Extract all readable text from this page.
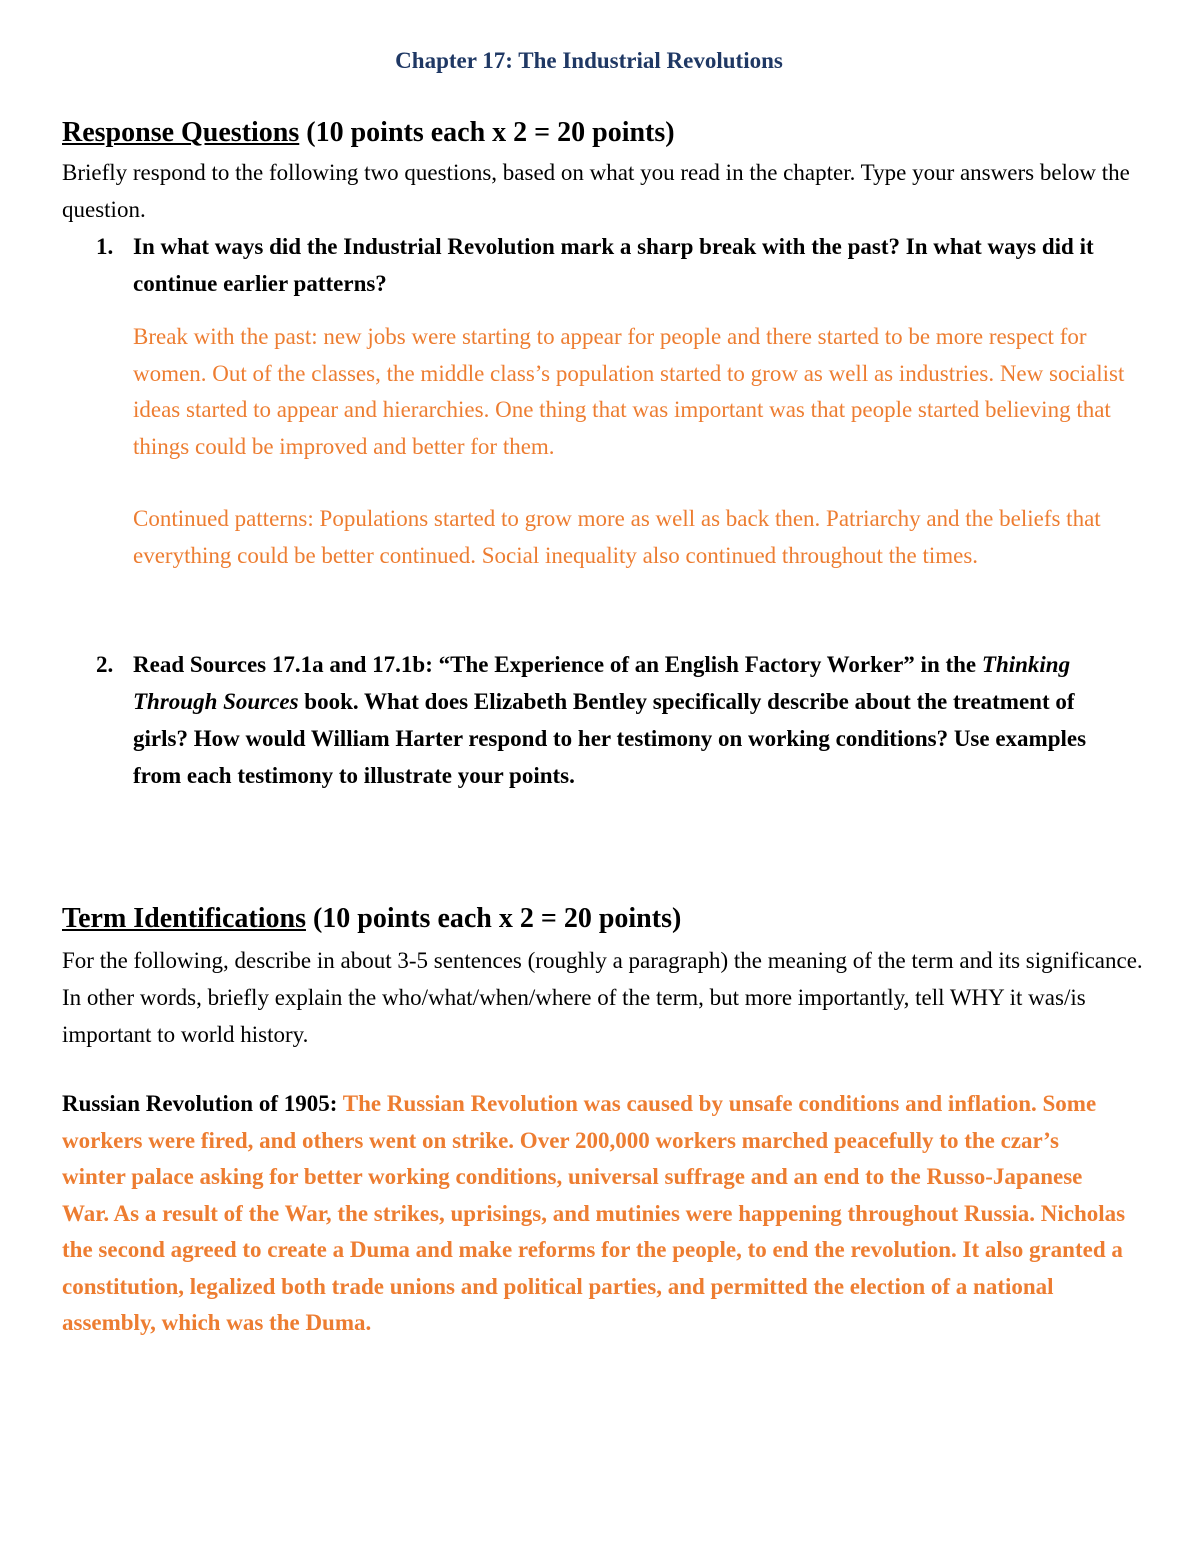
Chapter 17: The Industrial Revolutions
Response Questions (10 points each x 2 = 20 points)

Briefly respond to the following two questions, based on what you read in the chapter. Type your answers below the question.

1. In what ways did the Industrial Revolution mark a sharp break with the past? In what ways did it continue earlier patterns?

Break with the past: new jobs were starting to appear for people and there started to be more respect for women. Out of the classes, the middle class’s population started to grow as well as industries. New socialist ideas started to appear and hierarchies. One thing that was important was that people started believing that things could be improved and better for them.

Continued patterns: Populations started to grow more as well as back then. Patriarchy and the beliefs that everything could be better continued. Social inequality also continued throughout the times.

2. Read Sources 17.1a and 17.1b: “The Experience of an English Factory Worker” in the Thinking Through Sources book. What does Elizabeth Bentley specifically describe about the treatment of girls? How would William Harter respond to her testimony on working conditions? Use examples from each testimony to illustrate your points.

Term Identifications (10 points each x 2 = 20 points)

For the following, describe in about 3-5 sentences (roughly a paragraph) the meaning of the term and its significance. In other words, briefly explain the who/what/when/where of the term, but more importantly, tell WHY it was/is important to world history.

Russian Revolution of 1905: The Russian Revolution was caused by unsafe conditions and inflation. Some workers were fired, and others went on strike. Over 200,000 workers marched peacefully to the czar’s winter palace asking for better working conditions, universal suffrage and an end to the Russo-Japanese War. As a result of the War, the strikes, uprisings, and mutinies were happening throughout Russia. Nicholas the second agreed to create a Duma and make reforms for the people, to end the revolution. It also granted a constitution, legalized both trade unions and political parties, and permitted the election of a national assembly, which was the Duma.
